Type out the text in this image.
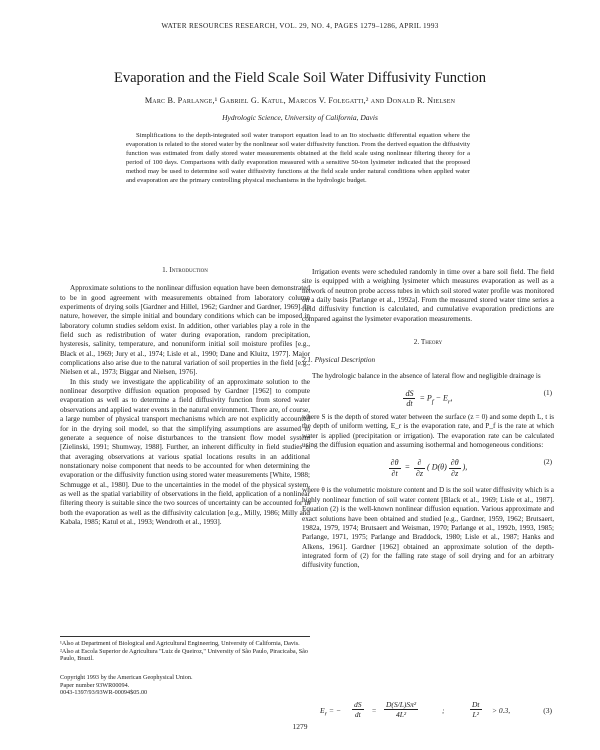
WATER RESOURCES RESEARCH, VOL. 29, NO. 4, PAGES 1279–1286, APRIL 1993
Evaporation and the Field Scale Soil Water Diffusivity Function
Marc B. Parlange,¹ Gabriel G. Katul, Marcos V. Folegatti,² and Donald R. Nielsen
Hydrologic Science, University of California, Davis

Simplifications to the depth-integrated soil water transport equation lead to an Ito stochastic differential equation where the evaporation is related to the stored water by the nonlinear soil water diffusivity function. From the derived equation the diffusivity function was estimated from daily stored water measurements obtained at the field scale using nonlinear filtering theory for a period of 100 days. Comparisons with daily evaporation measured with a sensitive 50-ton lysimeter indicated that the proposed method may be used to determine soil water diffusivity functions at the field scale under natural conditions when applied water and evaporation are the primary controlling physical mechanisms in the hydrologic budget.

1. Introduction

Approximate solutions to the nonlinear diffusion equation have been demonstrated to be in good agreement with measurements obtained from laboratory column experiments of drying soils [Gardner and Hillel, 1962; Gardner and Gardner, 1969]. In nature, however, the simple initial and boundary conditions which can be imposed in laboratory column studies seldom exist. In addition, other variables play a role in the field such as redistribution of water during evaporation, random precipitation, hysteresis, salinity, temperature, and nonuniform initial soil moisture profiles [e.g., Black et al., 1969; Jury et al., 1974; Lisle et al., 1990; Dane and Kluitz, 1977]. Major complications also arise due to the natural variation of soil properties in the field [e.g., Nielsen et al., 1973; Biggar and Nielsen, 1976].

In this study we investigate the applicability of an approximate solution to the nonlinear desorptive diffusion equation proposed by Gardner [1962] to compute evaporation as well as to determine a field diffusivity function from stored water observations and applied water events in the natural environment. There are, of course, a large number of physical transport mechanisms which are not explicitly accounted for in the drying soil model, so that the simplifying assumptions are assumed to generate a sequence of noise disturbances to the transient flow model system [Zielinski, 1991; Shumway, 1988]. Further, an inherent difficulty in field studies is that averaging observations at various spatial locations results in an additional nonstationary noise component that needs to be accounted for when determining the evaporation or the diffusivity function using stored water measurements [White, 1988; Schmugge et al., 1980]. Due to the uncertainties in the model of the physical system, as well as the spatial variability of observations in the field, application of a nonlinear filtering theory is suitable since the two sources of uncertainty can be accounted for in both the evaporation as well as the diffusivity calculation [e.g., Milly, 1986; Milly and Kabala, 1985; Katul et al., 1993; Wendroth et al., 1993].

¹Also at Department of Biological and Agricultural Engineering, University of California, Davis.
²Also at Escola Superior de Agricultura "Luiz de Queiroz," University of São Paulo, Piracicaba, São Paulo, Brazil.
Copyright 1993 by the American Geophysical Union.
Paper number 93WR00094.
0043-1397/93/93WR-00094$05.00

Irrigation events were scheduled randomly in time over a bare soil field. The field site is equipped with a weighing lysimeter which measures evaporation as well as a network of neutron probe access tubes in which soil stored water profile was monitored on a daily basis [Parlange et al., 1992a]. From the measured stored water time series a field diffusivity function is calculated, and cumulative evaporation predictions are compared against the lysimeter evaporation measurements.

2. Theory
2.1. Physical Description

The hydrologic balance in the absence of lateral flow and negligible drainage is

$\frac{dS}{dt} = P_f - E_r$,
(1)

where S is the depth of stored water between the surface (z = 0) and some depth L, t is the depth of uniform wetting, E_r is the evaporation rate, and P_f is the rate at which water is applied (precipitation or irrigation). The evaporation rate can be calculated using the diffusion equation and assuming isothermal and homogeneous conditions:

$\frac{\partial\theta}{\partial t} = \frac{\partial}{\partial z}$ ( $D(\theta) \frac{\partial\theta}{\partial z}$ ),
(2)

where θ is the volumetric moisture content and D is the soil water diffusivity which is a highly nonlinear function of soil water content [Black et al., 1969; Lisle et al., 1987]. Equation (2) is the well-known nonlinear diffusion equation. Various approximate and exact solutions have been obtained and studied [e.g., Gardner, 1959, 1962; Brutsaert, 1982a, 1979, 1974; Brutsaert and Weisman, 1970; Parlange et al., 1992b, 1993, 1985; Parlange, 1971, 1975; Parlange and Braddock, 1980; Lisle et al., 1987; Hanks and Alkens, 1961]. Gardner [1962] obtained an approximate solution of the depth-integrated form of (2) for the falling rate stage of soil drying and for an arbitrary diffusivity function,

$E_r$ = − $\frac{dS}{dt} = \frac{\text{D(S/L)Sπ²}}{\text{4L²}}$	;	$\frac{Dt}{\text{L²}} > 0.3$,	(3)
1279
